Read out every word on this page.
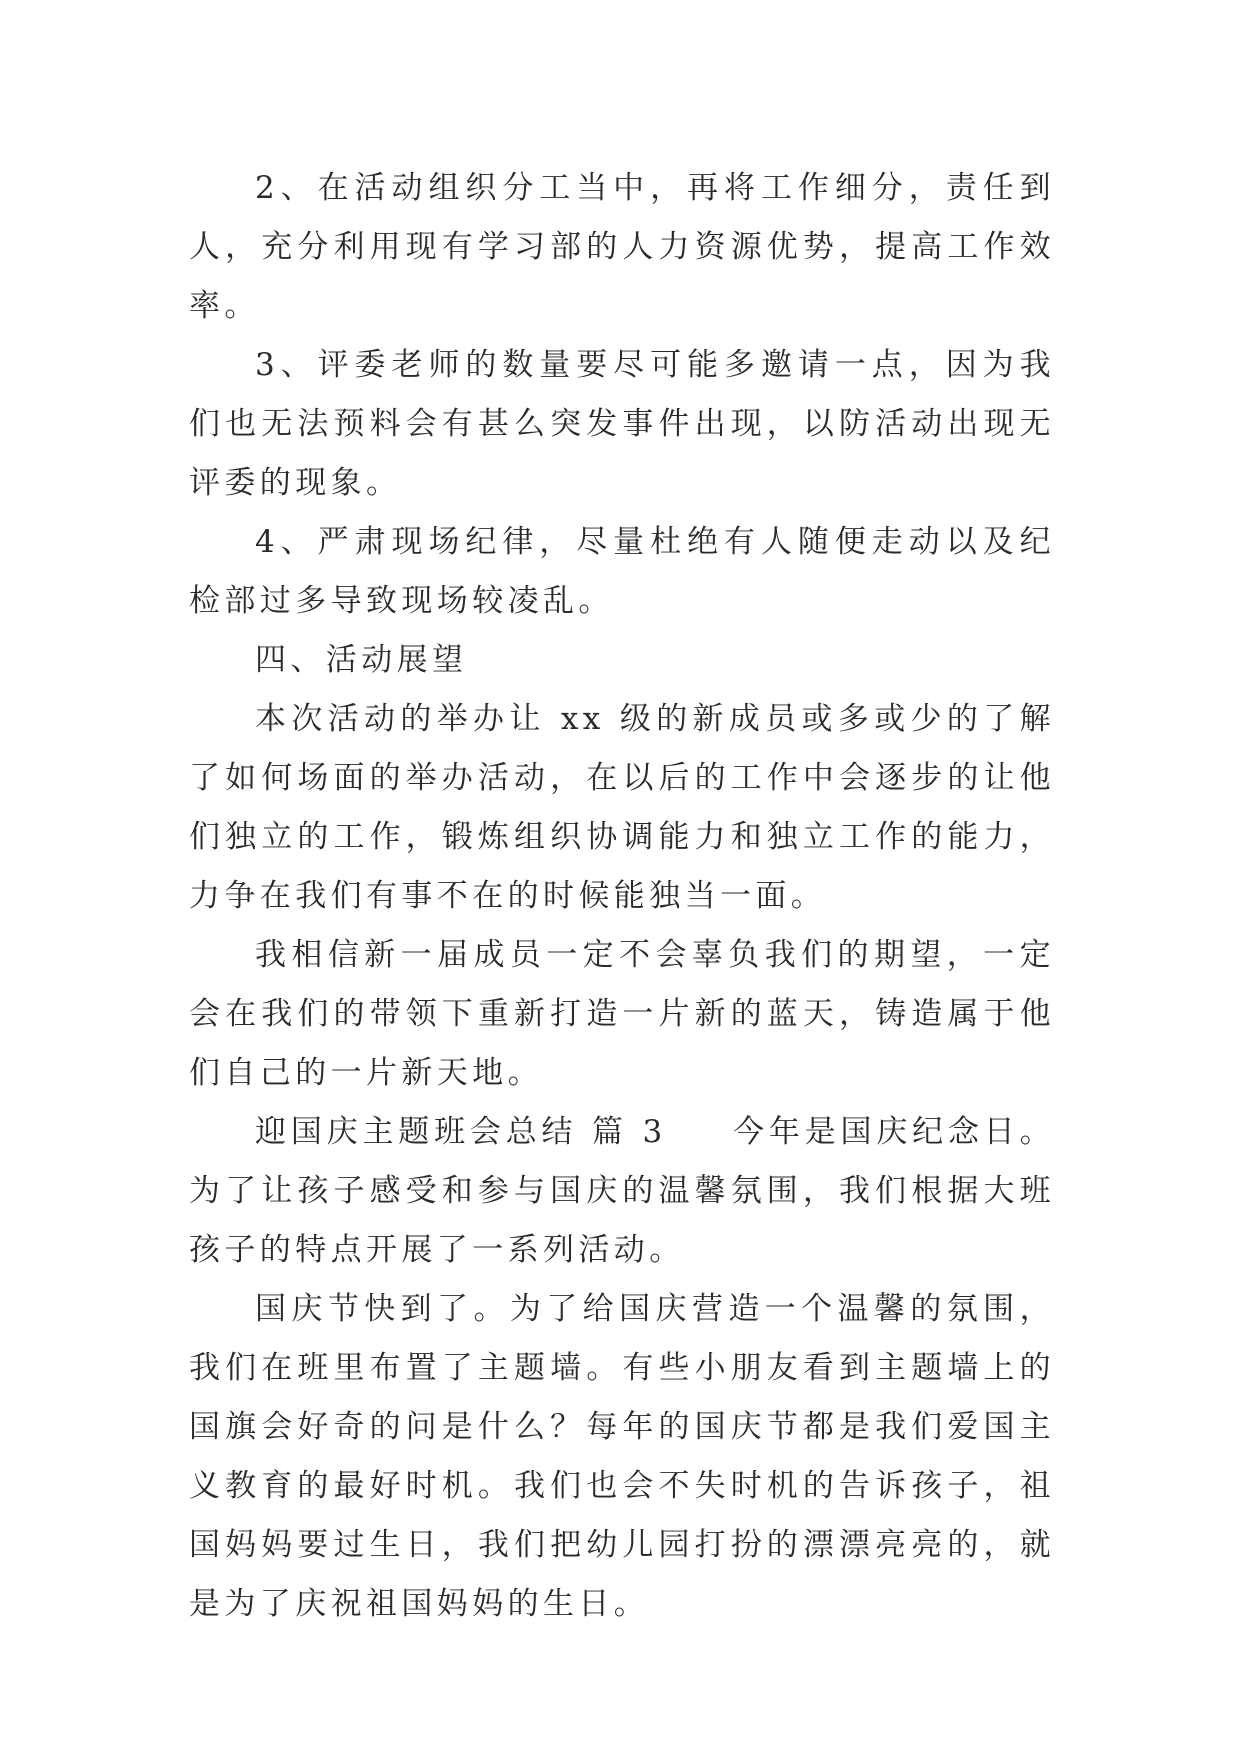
2、在活动组织分工当中，再将工作细分，责任到人，充分利用现有学习部的人力资源优势，提高工作效率。

3、评委老师的数量要尽可能多邀请一点，因为我们也无法预料会有甚么突发事件出现，以防活动出现无评委的现象。

4、严肃现场纪律，尽量杜绝有人随便走动以及纪检部过多导致现场较凌乱。

四、活动展望

本次活动的举办让 xx 级的新成员或多或少的了解了如何场面的举办活动，在以后的工作中会逐步的让他们独立的工作，锻炼组织协调能力和独立工作的能力，力争在我们有事不在的时候能独当一面。

我相信新一届成员一定不会辜负我们的期望，一定会在我们的带领下重新打造一片新的蓝天，铸造属于他们自己的一片新天地。

迎国庆主题班会总结 篇 3 今年是国庆纪念日。为了让孩子感受和参与国庆的温馨氛围，我们根据大班孩子的特点开展了一系列活动。

国庆节快到了。为了给国庆营造一个温馨的氛围，我们在班里布置了主题墙。有些小朋友看到主题墙上的国旗会好奇的问是什么？每年的国庆节都是我们爱国主义教育的最好时机。我们也会不失时机的告诉孩子，祖国妈妈要过生日，我们把幼儿园打扮的漂漂亮亮的，就是为了庆祝祖国妈妈的生日。
